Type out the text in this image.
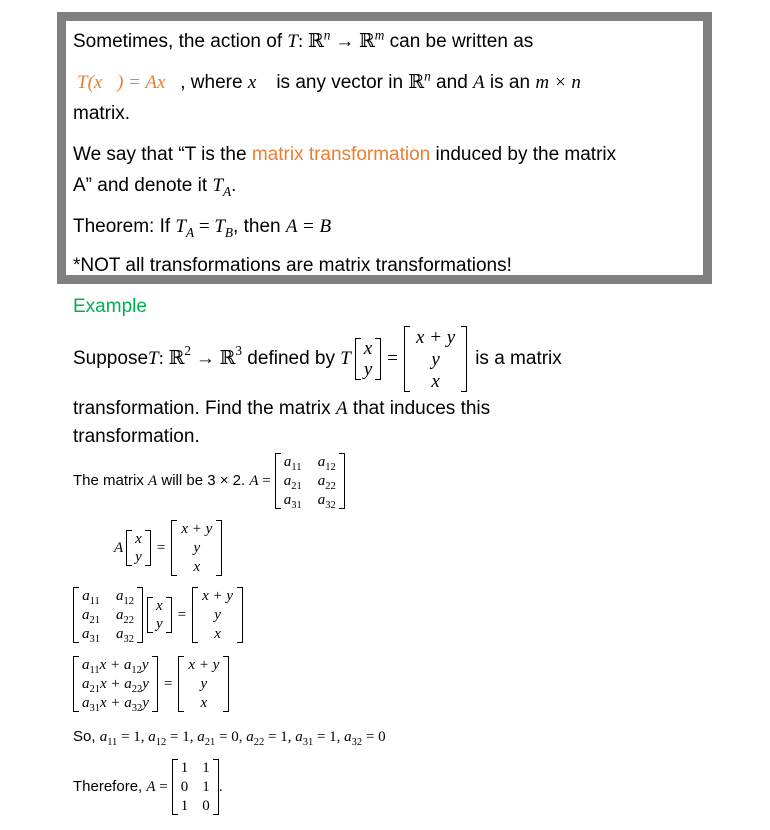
Sometimes, the action of T: ℝ$^n$ → ℝ$^m$ can be written as
T(x⃗) = Ax⃗, where x⃗ is any vector in ℝ$^n$ and A is an m × n
matrix.
We say that “T is the matrix transformation induced by the matrix
A” and denote it $T_A$.
Theorem: If $T_A = T_B$, then A = B
*NOT all transformations are matrix transformations!
Example
Suppose T : ℝ$^2$ → ℝ$^3$ defined by T x
y
=
x + y
y
x
is a matrix
transformation. Find the matrix A that induces this
transformation.
The matrix A will be 3 × 2. A =
$a_{11}$ $a_{12}$
$a_{21}$ $a_{22}$
$a_{31}$ $a_{32}$
A
x
y
=
x + y
y
x
$a_{11}$ $a_{12}$
$a_{21}$ $a_{22}$
$a_{31}$ $a_{32}$
x
y
=
x + y
y
x
$a_{11}x + a_{12}y$
$a_{21}x + a_{22}y$
$a_{31}x + a_{32}y$
=
x + y
y
x
So, $a_{11} = 1$, $a_{12} = 1$, $a_{21} = 0$, $a_{22} = 1$, $a_{31} = 1$, $a_{32} = 0$
Therefore, A =
1 1
0 1
1 0
.
